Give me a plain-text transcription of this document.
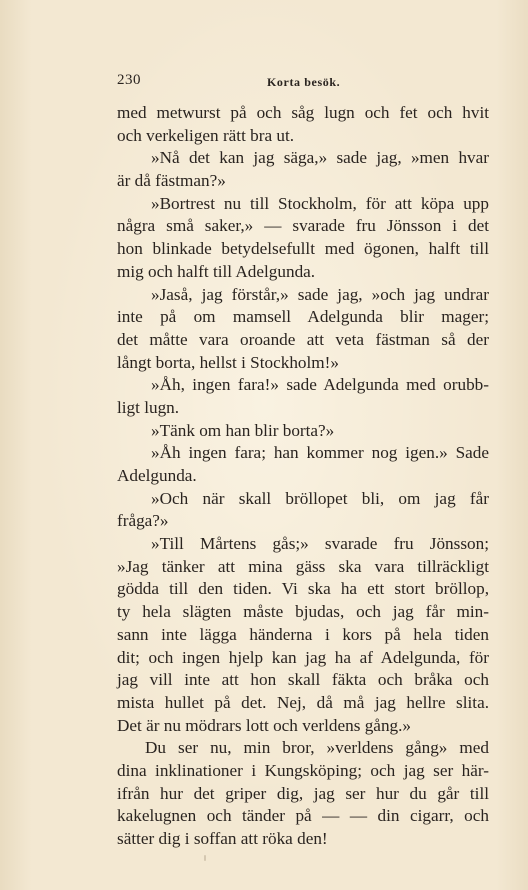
230	Korta besök.
med metwurst på och såg lugn och fet och hvit
och verkeligen rätt bra ut.
»Nå det kan jag säga,» sade jag, »men hvar
är då fästman?»
»Bortrest nu till Stockholm, för att köpa upp
några små saker,» — svarade fru Jönsson i det
hon blinkade betydelsefullt med ögonen, halft till
mig och halft till Adelgunda.
»Jaså, jag förstår,» sade jag, »och jag undrar
inte på om mamsell Adelgunda blir mager;
det måtte vara oroande att veta fästman så der
långt borta, hellst i Stockholm!»
»Åh, ingen fara!» sade Adelgunda med orubb-
ligt lugn.
»Tänk om han blir borta?»
»Åh ingen fara; han kommer nog igen.» Sade
Adelgunda.
»Och när skall bröllopet bli, om jag får
fråga?»
»Till Mårtens gås;» svarade fru Jönsson;
»Jag tänker att mina gäss ska vara tillräckligt
gödda till den tiden. Vi ska ha ett stort bröllop,
ty hela slägten måste bjudas, och jag får min-
sann inte lägga händerna i kors på hela tiden
dit; och ingen hjelp kan jag ha af Adelgunda, för
jag vill inte att hon skall fäkta och bråka och
mista hullet på det. Nej, då må jag hellre slita.
Det är nu mödrars lott och verldens gång.»
Du ser nu, min bror, »verldens gång» med
dina inklinationer i Kungsköping; och jag ser här-
ifrån hur det griper dig, jag ser hur du går till
kakelugnen och tänder på — — din cigarr, och
sätter dig i soffan att röka den!
